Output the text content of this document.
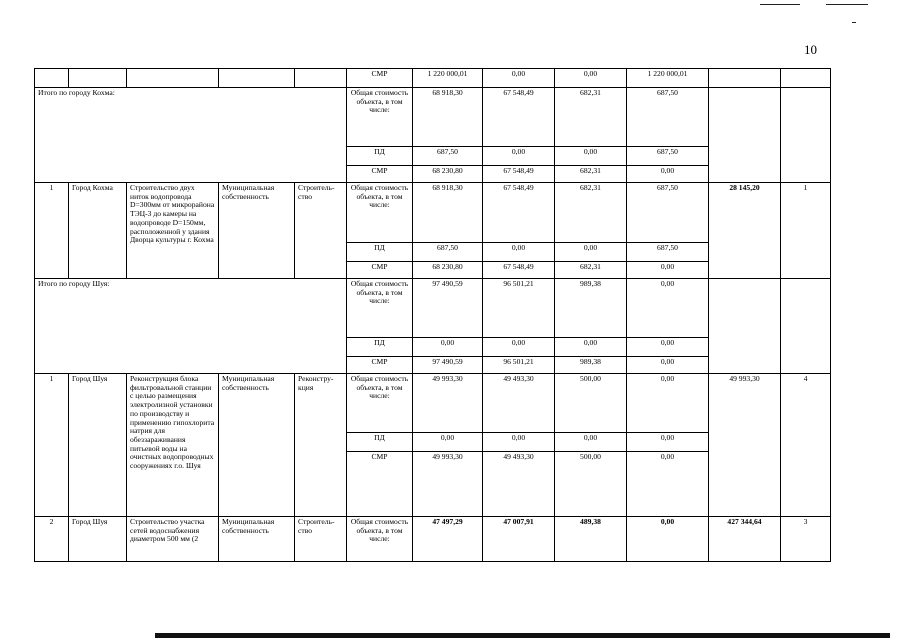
10
					СМР	1 220 000,01	0,00	0,00	1 220 000,01		
Итого по городу Кохма:					Общая стоимость объекта, в том числе:	68 918,30	67 548,49	682,31	687,50		
					ПД	687,50	0,00	0,00	687,50		
					СМР	68 230,80	67 548,49	682,31	0,00		
1	Город Кохма	Строительство двух ниток водопровода D=300мм от микрорайона ТЭЦ-3 до камеры на водопроводе D=150мм, расположенной у здания Дворца культуры г. Кохма	Муниципальная собственность	Строитель-ство	Общая стоимость объекта, в том числе:	68 918,30	67 548,49	682,31	687,50	28 145,20	1
					ПД	687,50	0,00	0,00	687,50		
					СМР	68 230,80	67 548,49	682,31	0,00		
Итого по городу Шуя:					Общая стоимость объекта, в том числе:	97 490,59	96 501,21	989,38	0,00		
					ПД	0,00	0,00	0,00	0,00		
					СМР	97 490,59	96 501,21	989,38	0,00		
1	Город Шуя	Реконструкция блока фильтровальной станции с целью размещения электролизной установки по производству и применению гипохлорита натрия для обеззараживания питьевой воды на очистных водопроводных сооружениях г.о. Шуя	Муниципальная собственность	Реконстру-кция	Общая стоимость объекта, в том числе:	49 993,30	49 493,30	500,00	0,00	49 993,30	4
					ПД	0,00	0,00	0,00	0,00		
					СМР	49 993,30	49 493,30	500,00	0,00		
2	Город Шуя	Строительство участка сетей водоснабжения диаметром 500 мм (2	Муниципальная собственность	Строитель-ство	Общая стоимость объекта, в том числе:	47 497,29	47 007,91	489,38	0,00	427 344,64	3
